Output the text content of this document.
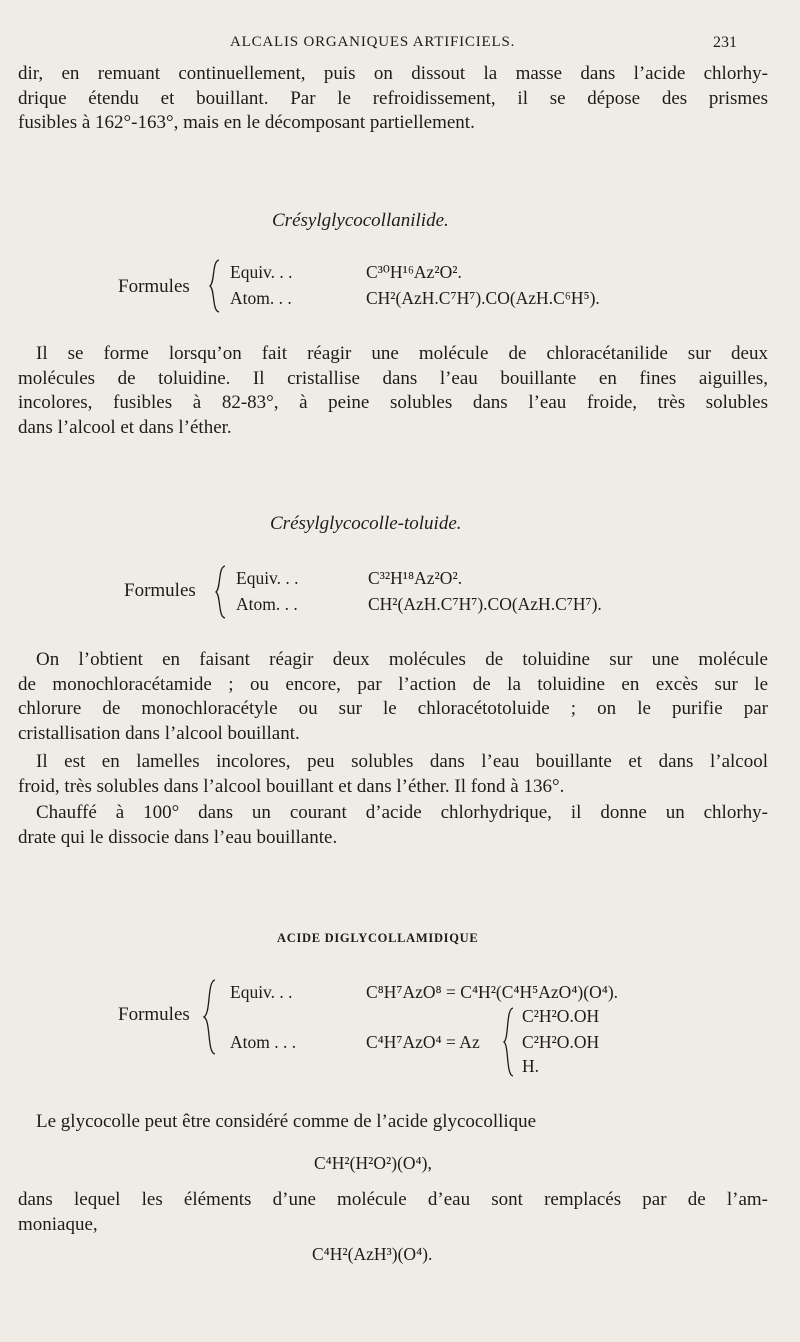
ALCALIS ORGANIQUES ARTIFICIELS.	231
dir, en remuant continuellement, puis on dissout la masse dans l’acide chlorhy-
drique étendu et bouillant. Par le refroidissement, il se dépose des prismes
fusibles à 162°-163°, mais en le décomposant partiellement.
Crésylglycocollanilide.
Formules
Equiv. . .	C³⁰H¹⁶Az²O².
Atom. . .	CH²(AzH.C⁷H⁷).CO(AzH.C⁶H⁵).
Il se forme lorsqu’on fait réagir une molécule de chloracétanilide sur deux
molécules de toluidine. Il cristallise dans l’eau bouillante en fines aiguilles,
incolores, fusibles à 82-83°, à peine solubles dans l’eau froide, très solubles
dans l’alcool et dans l’éther.
Crésylglycocolle-toluide.
Formules
Equiv. . .	C³²H¹⁸Az²O².
Atom. . .	CH²(AzH.C⁷H⁷).CO(AzH.C⁷H⁷).
On l’obtient en faisant réagir deux molécules de toluidine sur une molécule
de monochloracétamide ; ou encore, par l’action de la toluidine en excès sur le
chlorure de monochloracétyle ou sur le chloracétotoluide ; on le purifie par
cristallisation dans l’alcool bouillant.
Il est en lamelles incolores, peu solubles dans l’eau bouillante et dans l’alcool
froid, très solubles dans l’alcool bouillant et dans l’éther. Il fond à 136°.
Chauffé à 100° dans un courant d’acide chlorhydrique, il donne un chlorhy-
drate qui le dissocie dans l’eau bouillante.
ACIDE DIGLYCOLLAMIDIQUE
Formules
Equiv. . .	C⁸H⁷AzO⁸ = C⁴H²(C⁴H⁵AzO⁴)(O⁴).
Atom . . .	C⁴H⁷AzO⁴ = Az
C²H²O.OH
C²H²O.OH
H.
Le glycocolle peut être considéré comme de l’acide glycocollique
C⁴H²(H²O²)(O⁴),
dans lequel les éléments d’une molécule d’eau sont remplacés par de l’am-
moniaque,
C⁴H²(AzH³)(O⁴).
